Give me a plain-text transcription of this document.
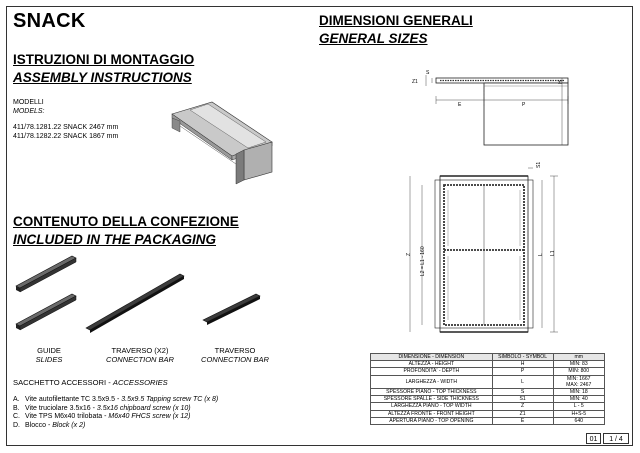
SNACK
ISTRUZIONI DI MONTAGGIO
ASSEMBLY INSTRUCTIONS
MODELLI
MODELS:
411/78.1281.22 SNACK 2467 mm
411/78.1282.22 SNACK 1867 mm
CONTENUTO DELLA CONFEZIONE
INCLUDED IN THE PACKAGING
GUIDE
SLIDES
TRAVERSO (X2)
CONNECTION BAR
TRAVERSO
CONNECTION BAR
SACCHETTO ACCESSORI - ACCESSORIES
A. Vite autofilettante TC 3.5x9.5 - 3.5x9.5 Tapping screw TC (x 8)
B. Vite truciolare 3.5x16 - 3.5x16 chipboard screw (x 10)
C. Vite TPS M6x40 trilobata - M6x40 FHCS screw (x 12)
D. Blocco - Block (x 2)
DIMENSIONI GENERALI
GENERAL SIZES
Z1
S
E	P
H
Z L2 = L1 - 160	L L1
S1
DIMENSIONE - DIMENSION	SIMBOLO - SYMBOL	mm

ALTEZZA - HEIGHT	H	MIN: 83

PROFONDITA' - DEPTH	P	MIN: 800

LARGHEZZA - WIDTH	L	MIN: 1667
MAX: 2467

SPESSORE PIANO - TOP THICKNESS	S	MIN: 18

SPESSORE SPALLE - SIDE THICKNESS	S1	MIN: 40

LARGHEZZA PIANO - TOP WIDTH	Z	L - 5

ALTEZZA FRONTE - FRONT HEIGHT	Z1	H+S-5

APERTURA PIANO - TOP OPENING	E	640
01	1 / 4
